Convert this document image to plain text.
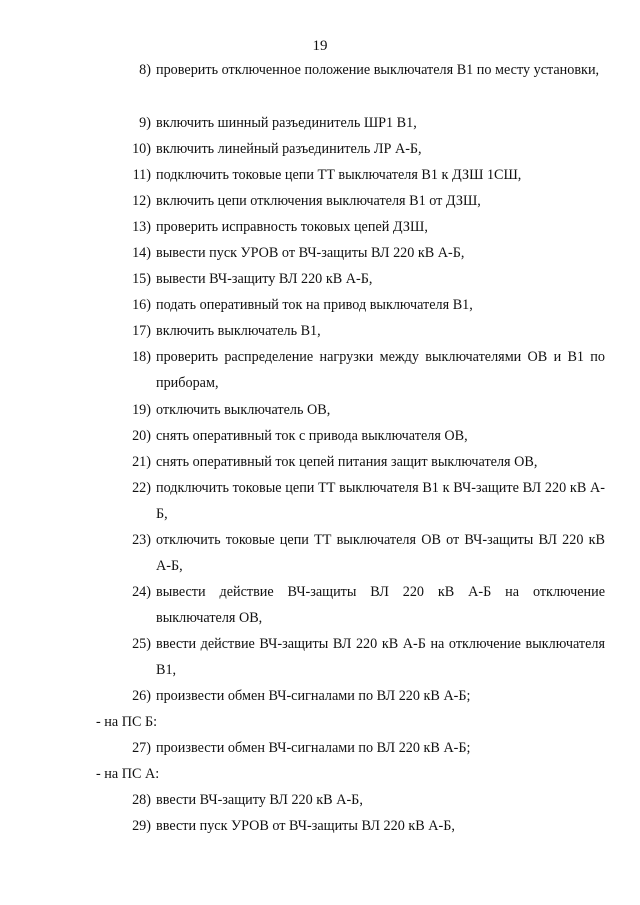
19
8) проверить отключенное положение выключателя В1 по месту установки,
9) включить шинный разъединитель ШР1 В1,
10) включить линейный разъединитель ЛР А-Б,
11) подключить токовые цепи ТТ выключателя В1 к ДЗШ 1СШ,
12) включить цепи отключения выключателя В1 от ДЗШ,
13) проверить исправность токовых цепей ДЗШ,
14) вывести пуск УРОВ от ВЧ-защиты ВЛ 220 кВ А-Б,
15) вывести ВЧ-защиту ВЛ 220 кВ А-Б,
16) подать оперативный ток на привод выключателя В1,
17) включить выключатель В1,
18) проверить распределение нагрузки между выключателями ОВ и В1 по приборам,
19) отключить выключатель ОВ,
20) снять оперативный ток с привода выключателя ОВ,
21) снять оперативный ток цепей питания защит выключателя ОВ,
22) подключить токовые цепи ТТ выключателя В1 к ВЧ-защите ВЛ 220 кВ А-Б,
23) отключить токовые цепи ТТ выключателя ОВ от ВЧ-защиты ВЛ 220 кВ А-Б,
24) вывести действие ВЧ-защиты ВЛ 220 кВ А-Б на отключение выключателя ОВ,
25) ввести действие ВЧ-защиты ВЛ 220 кВ А-Б на отключение выключателя В1,
26) произвести обмен ВЧ-сигналами по ВЛ 220 кВ А-Б;
- на ПС Б:
27) произвести обмен ВЧ-сигналами по ВЛ 220 кВ А-Б;
- на ПС А:
28) ввести ВЧ-защиту ВЛ 220 кВ А-Б,
29) ввести пуск УРОВ от ВЧ-защиты ВЛ 220 кВ А-Б,
